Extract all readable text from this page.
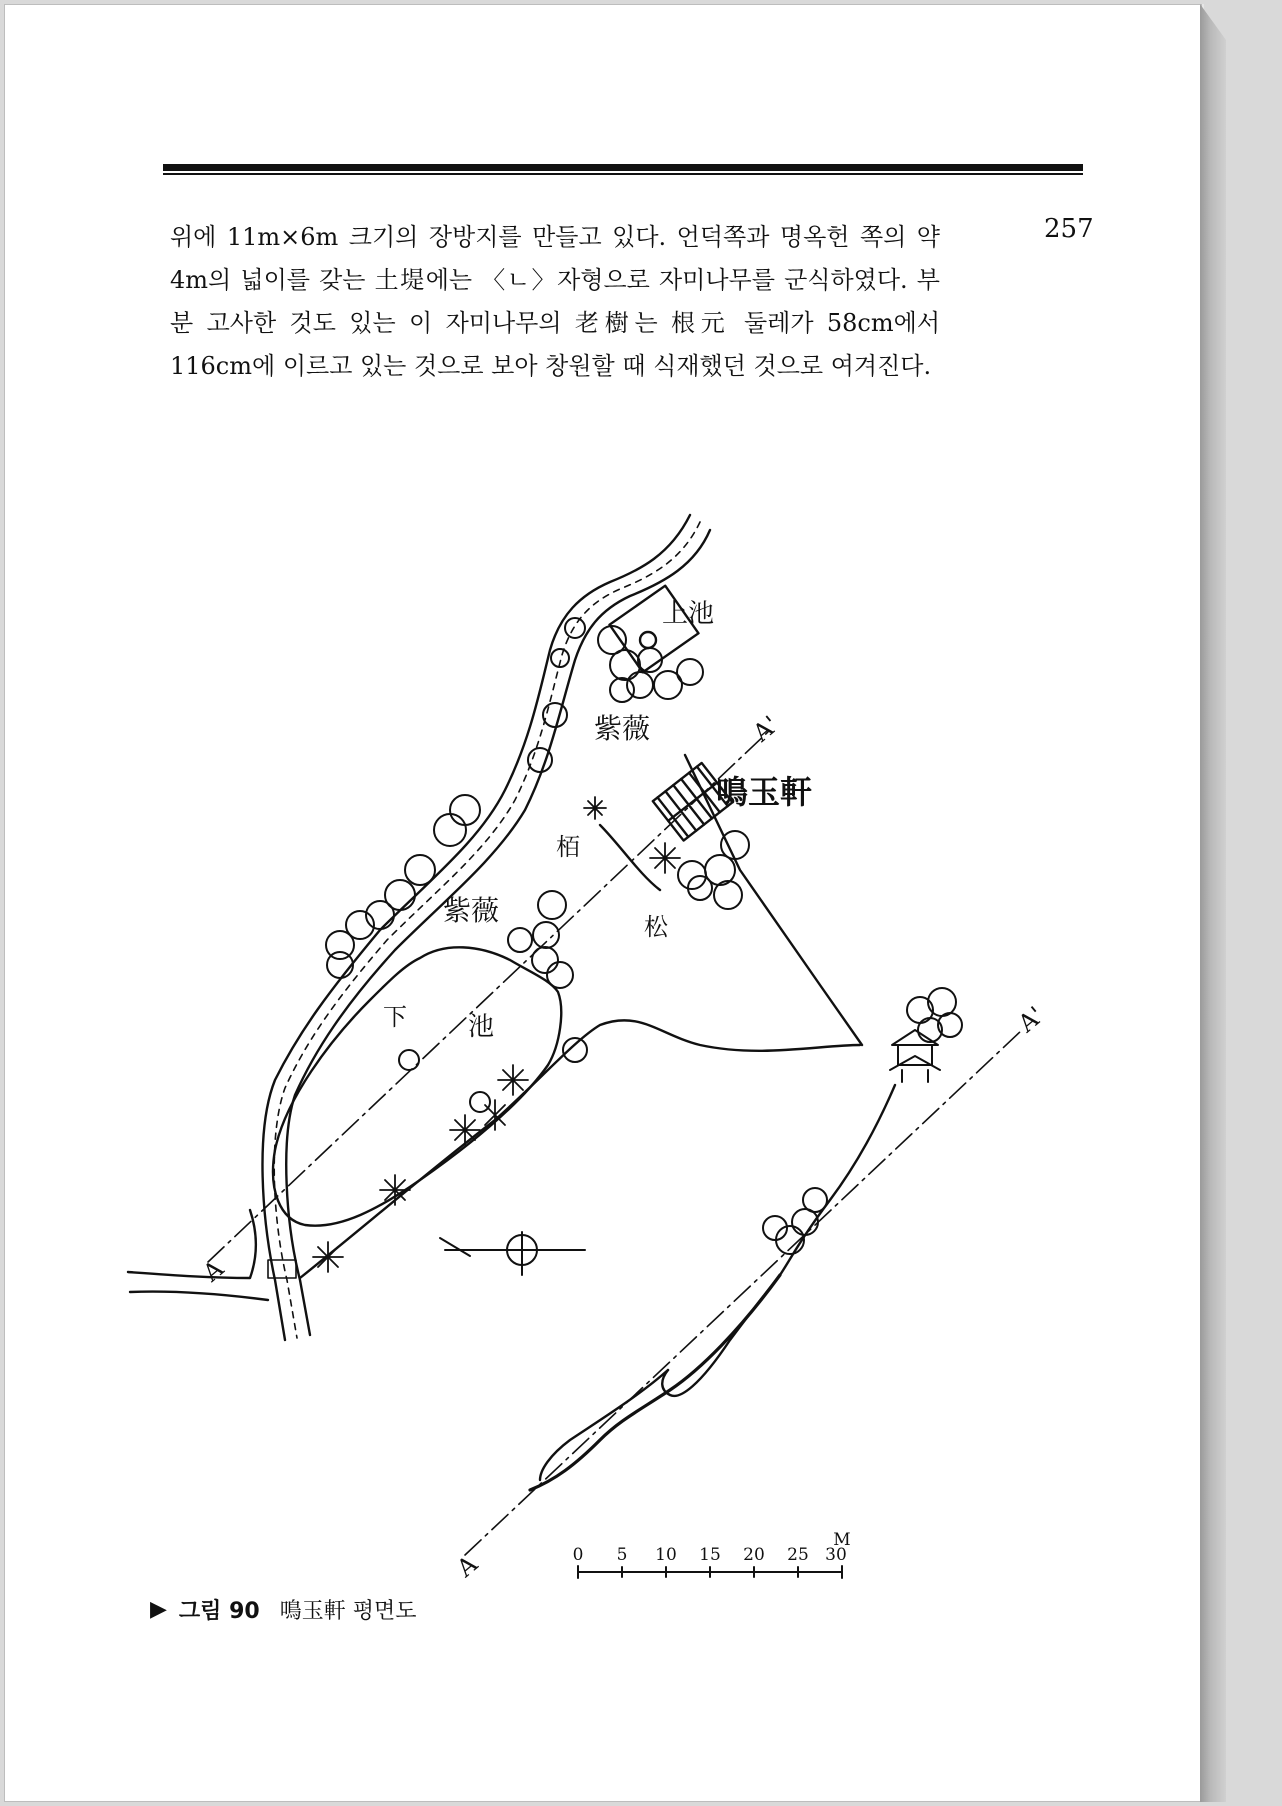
257

위에 11m×6m 크기의 장방지를 만들고 있다. 언덕쪽과 명옥헌 쪽의 약 4m의 넓이를 갖는 土堤에는 〈ㄴ〉자형으로 자미나무를 군식하였다. 부분 고사한 것도 있는 이 자미나무의 老樹는 根元 둘레가 58cm에서 116cm에 이르고 있는 것으로 보아 창원할 때 식재했던 것으로 여겨진다.

上池
紫薇
鳴玉軒
栢
松
紫薇
下 池
A
A'
A'
A	0 5 10 15 20 25 30
M
▶ 그림 90 鳴玉軒 평면도
